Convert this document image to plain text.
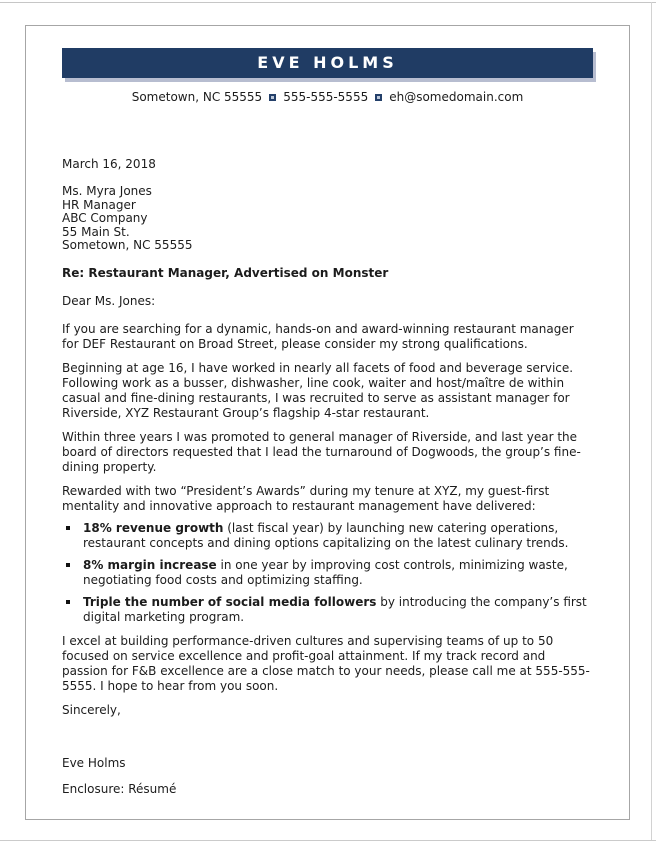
EVE HOLMS
Sometown, NC 55555 555-555-5555 eh@somedomain.com
March 16, 2018
Ms. Myra Jones
HR Manager
ABC Company
55 Main St.
Sometown, NC 55555
Re: Restaurant Manager, Advertised on Monster
Dear Ms. Jones:

If you are searching for a dynamic, hands-on and award-winning restaurant manager for DEF Restaurant on Broad Street, please consider my strong qualifications.

Beginning at age 16, I have worked in nearly all facets of food and beverage service. Following work as a busser, dishwasher, line cook, waiter and host/maître de within casual and fine-dining restaurants, I was recruited to serve as assistant manager for Riverside, XYZ Restaurant Group’s flagship 4-star restaurant.

Within three years I was promoted to general manager of Riverside, and last year the board of directors requested that I lead the turnaround of Dogwoods, the group’s fine-dining property.

Rewarded with two “President’s Awards” during my tenure at XYZ, my guest-first mentality and innovative approach to restaurant management have delivered:

18% revenue growth (last fiscal year) by launching new catering operations, restaurant concepts and dining options capitalizing on the latest culinary trends.
8% margin increase in one year by improving cost controls, minimizing waste, negotiating food costs and optimizing staffing.
Triple the number of social media followers by introducing the company’s first digital marketing program.

I excel at building performance-driven cultures and supervising teams of up to 50 focused on service excellence and profit-goal attainment. If my track record and passion for F&B excellence are a close match to your needs, please call me at 555-555-5555. I hope to hear from you soon.

Sincerely,
Eve Holms
Enclosure: Résumé
